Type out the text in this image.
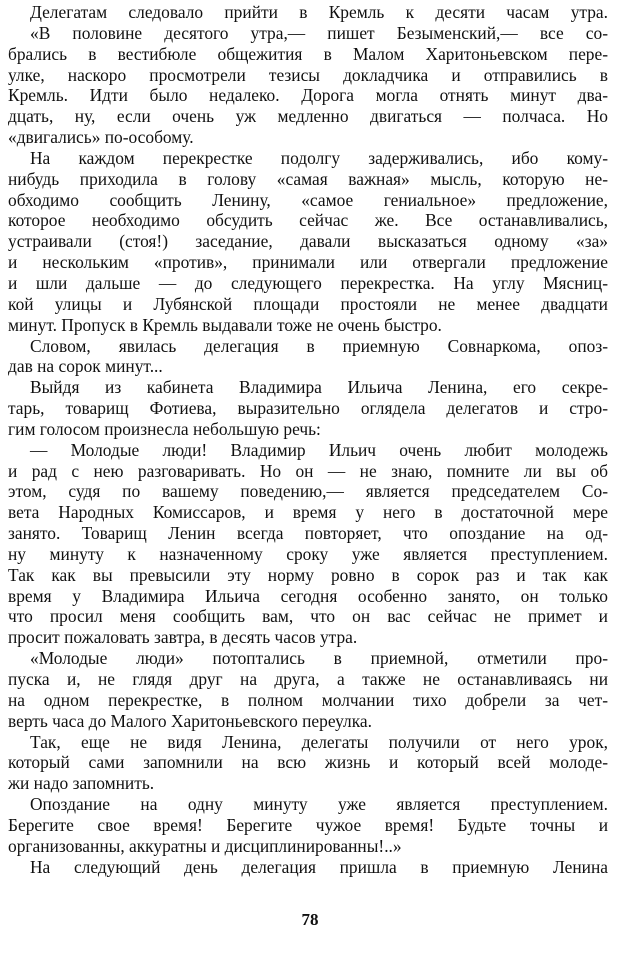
Делегатам следовало прийти в Кремль к десяти часам утра.
«В половине десятого утра,— пишет Безыменский,— все со-
брались в вестибюле общежития в Малом Харитоньевском пере-
улке, наскоро просмотрели тезисы докладчика и отправились в
Кремль. Идти было недалеко. Дорога могла отнять минут два-
дцать, ну, если очень уж медленно двигаться — полчаса. Но
«двигались» по-особому.
На каждом перекрестке подолгу задерживались, ибо кому-
нибудь приходила в голову «самая важная» мысль, которую не-
обходимо сообщить Ленину, «самое гениальное» предложение,
которое необходимо обсудить сейчас же. Все останавливались,
устраивали (стоя!) заседание, давали высказаться одному «за»
и нескольким «против», принимали или отвергали предложение
и шли дальше — до следующего перекрестка. На углу Мясниц-
кой улицы и Лубянской площади простояли не менее двадцати
минут. Пропуск в Кремль выдавали тоже не очень быстро.
Словом, явилась делегация в приемную Совнаркома, опоз-
дав на сорок минут...
Выйдя из кабинета Владимира Ильича Ленина, его секре-
тарь, товарищ Фотиева, выразительно оглядела делегатов и стро-
гим голосом произнесла небольшую речь:
— Молодые люди! Владимир Ильич очень любит молодежь
и рад с нею разговаривать. Но он — не знаю, помните ли вы об
этом, судя по вашему поведению,— является председателем Со-
вета Народных Комиссаров, и время у него в достаточной мере
занято. Товарищ Ленин всегда повторяет, что опоздание на од-
ну минуту к назначенному сроку уже является преступлением.
Так как вы превысили эту норму ровно в сорок раз и так как
время у Владимира Ильича сегодня особенно занято, он только
что просил меня сообщить вам, что он вас сейчас не примет и
просит пожаловать завтра, в десять часов утра.
«Молодые люди» потоптались в приемной, отметили про-
пуска и, не глядя друг на друга, а также не останавливаясь ни
на одном перекрестке, в полном молчании тихо добрели за чет-
верть часа до Малого Харитоньевского переулка.
Так, еще не видя Ленина, делегаты получили от него урок,
который сами запомнили на всю жизнь и который всей молоде-
жи надо запомнить.
Опоздание на одну минуту уже является преступлением.
Берегите свое время! Берегите чужое время! Будьте точны и
организованны, аккуратны и дисциплинированны!..»
На следующий день делегация пришла в приемную Ленина
78
